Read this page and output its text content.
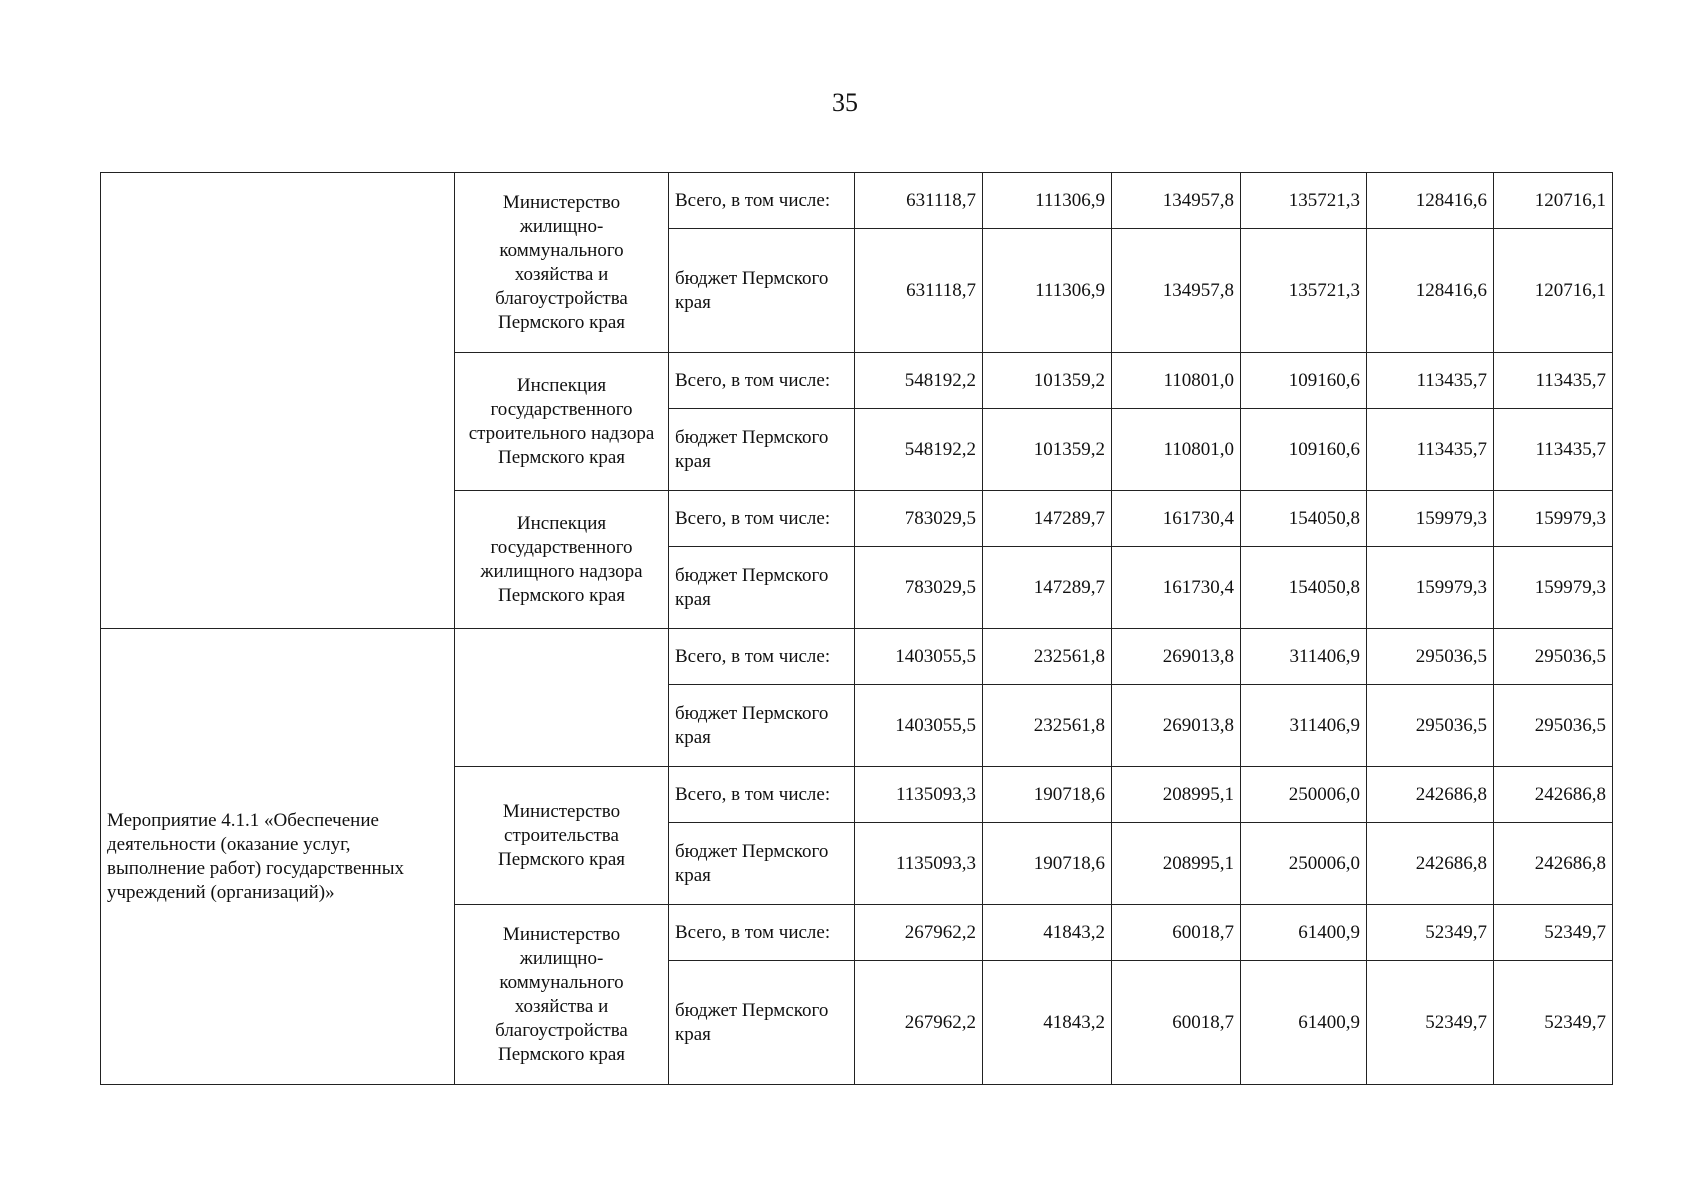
35
	Министерство жилищно-коммунального хозяйства и благоустройства Пермского края	Всего, в том числе:	631118,7	111306,9	134957,8	135721,3	128416,6	120716,1
		бюджет Пермского края	631118,7	111306,9	134957,8	135721,3	128416,6	120716,1
	Инспекция государственного строительного надзора Пермского края	Всего, в том числе:	548192,2	101359,2	110801,0	109160,6	113435,7	113435,7
		бюджет Пермского края	548192,2	101359,2	110801,0	109160,6	113435,7	113435,7
	Инспекция государственного жилищного надзора Пермского края	Всего, в том числе:	783029,5	147289,7	161730,4	154050,8	159979,3	159979,3
		бюджет Пермского края	783029,5	147289,7	161730,4	154050,8	159979,3	159979,3
Мероприятие 4.1.1 «Обеспечение деятельности (оказание услуг, выполнение работ) государственных учреждений (организаций)»		Всего, в том числе:	1403055,5	232561,8	269013,8	311406,9	295036,5	295036,5
		бюджет Пермского края	1403055,5	232561,8	269013,8	311406,9	295036,5	295036,5
	Министерство строительства Пермского края	Всего, в том числе:	1135093,3	190718,6	208995,1	250006,0	242686,8	242686,8
		бюджет Пермского края	1135093,3	190718,6	208995,1	250006,0	242686,8	242686,8
	Министерство жилищно-коммунального хозяйства и благоустройства Пермского края	Всего, в том числе:	267962,2	41843,2	60018,7	61400,9	52349,7	52349,7
		бюджет Пермского края	267962,2	41843,2	60018,7	61400,9	52349,7	52349,7
